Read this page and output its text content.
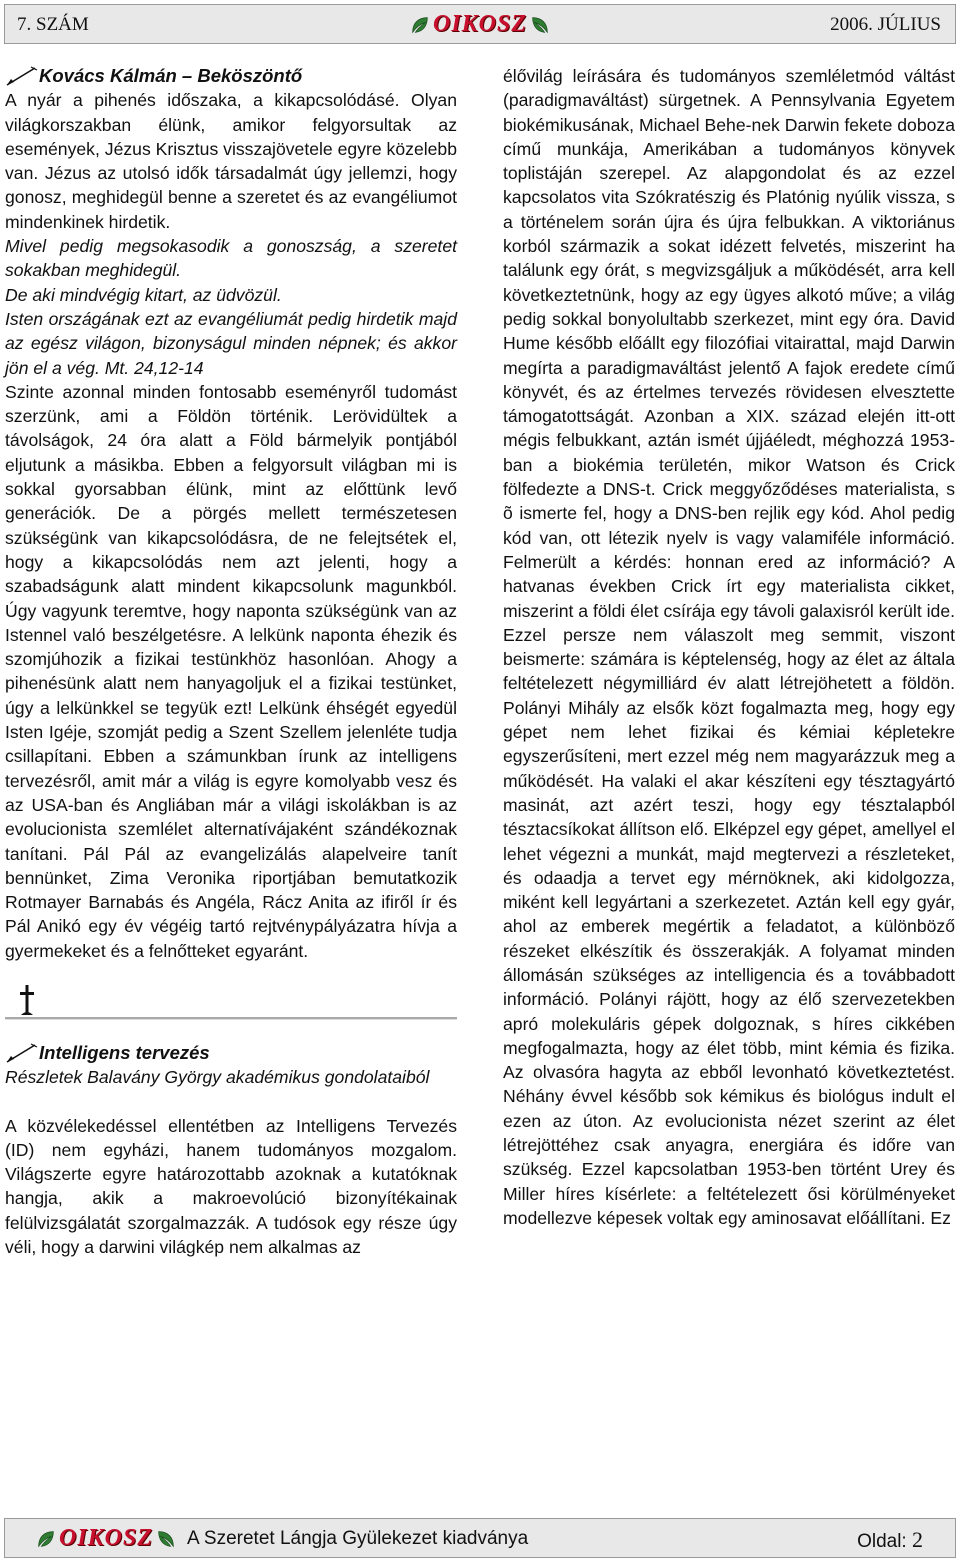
7. SZÁM	OIKOSZ	2006. JÚLIUS

Kovács Kálmán – Beköszöntő

A nyár a pihenés időszaka, a kikapcsolódásé. Olyan világkorszakban élünk, amikor felgyorsultak az események, Jézus Krisztus visszajövetele egyre közelebb van. Jézus az utolsó idők társadalmát úgy jellemzi, hogy gonosz, meghidegül benne a szeretet és az evangéliumot mindenkinek hirdetik.

Mivel pedig megsokasodik a gonoszság, a szeretet sokakban meghidegül.

De aki mindvégig kitart, az üdvözül.

Isten országának ezt az evangéliumát pedig hirdetik majd az egész világon, bizonyságul minden népnek; és akkor jön el a vég. Mt. 24,12-14

Szinte azonnal minden fontosabb eseményről tudomást szerzünk, ami a Földön történik. Lerövidültek a távolságok, 24 óra alatt a Föld bármelyik pontjából eljutunk a másikba. Ebben a felgyorsult világban mi is sokkal gyorsabban élünk, mint az előttünk levő generációk. De a pörgés mellett természetesen szükségünk van kikapcsolódásra, de ne felejtsétek el, hogy a kikapcsolódás nem azt jelenti, hogy a szabadságunk alatt mindent kikapcsolunk magunkból. Úgy vagyunk teremtve, hogy naponta szükségünk van az Istennel való beszélgetésre. A lelkünk naponta éhezik és szomjúhozik a fizikai testünkhöz hasonlóan. Ahogy a pihenésünk alatt nem hanyagoljuk el a fizikai testünket, úgy a lelkünkkel se tegyük ezt! Lelkünk éhségét egyedül Isten Igéje, szomját pedig a Szent Szellem jelenléte tudja csillapítani. Ebben a számunkban írunk az intelligens tervezésről, amit már a világ is egyre komolyabb vesz és az USA-ban és Angliában már a világi iskolákban is az evolucionista szemlélet alternatívájaként szándékoznak tanítani. Pál Pál az evangelizálás alapelveire tanít bennünket, Zima Veronika riportjában bemutatkozik Rotmayer Barnabás és Angéla, Rácz Anita az ifiről ír és Pál Anikó egy év végéig tartó rejtvénypályázatra hívja a gyermekeket és a felnőtteket egyaránt.

Intelligens tervezés

Részletek Balavány György akadémikus gondolataiból

A közvélekedéssel ellentétben az Intelligens Tervezés (ID) nem egyházi, hanem tudományos mozgalom. Világszerte egyre határozottabb azoknak a kutatóknak hangja, akik a makroevolúció bizonyítékainak felülvizsgálatát szorgalmazzák. A tudósok egy része úgy véli, hogy a darwini világkép nem alkalmas az

élővilág leírására és tudományos szemléletmód váltást (paradigmaváltást) sürgetnek. A Pennsylvania Egyetem biokémikusának, Michael Behe-nek Darwin fekete doboza című munkája, Amerikában a tudományos könyvek toplistáján szerepel. Az alapgondolat és az ezzel kapcsolatos vita Szókratészig és Platónig nyúlik vissza, s a történelem során újra és újra felbukkan. A viktoriánus korból származik a sokat idézett felvetés, miszerint ha találunk egy órát, s megvizsgáljuk a működését, arra kell következtetnünk, hogy az egy ügyes alkotó műve; a világ pedig sokkal bonyolultabb szerkezet, mint egy óra. David Hume később előállt egy filozófiai vitairattal, majd Darwin megírta a paradigmaváltást jelentő A fajok eredete című könyvét, és az értelmes tervezés rövidesen elvesztette támogatottságát. Azonban a XIX. század elején itt-ott mégis felbukkant, aztán ismét újjáéledt, méghozzá 1953-ban a biokémia területén, mikor Watson és Crick fölfedezte a DNS-t. Crick meggyőződéses materialista, s õ ismerte fel, hogy a DNS-ben rejlik egy kód. Ahol pedig kód van, ott létezik nyelv is vagy valamiféle információ. Felmerült a kérdés: honnan ered az információ? A hatvanas években Crick írt egy materialista cikket, miszerint a földi élet csírája egy távoli galaxisról került ide. Ezzel persze nem válaszolt meg semmit, viszont beismerte: számára is képtelenség, hogy az élet az általa feltételezett négymilliárd év alatt létrejöhetett a földön. Polányi Mihály az elsők közt fogalmazta meg, hogy egy gépet nem lehet fizikai és kémiai képletekre egyszerűsíteni, mert ezzel még nem magyarázzuk meg a működését. Ha valaki el akar készíteni egy tésztagyártó masinát, azt azért teszi, hogy egy tésztalapból tésztacsíkokat állítson elő. Elképzel egy gépet, amellyel el lehet végezni a munkát, majd megtervezi a részleteket, és odaadja a tervet egy mérnöknek, aki kidolgozza, miként kell legyártani a szerkezetet. Aztán kell egy gyár, ahol az emberek megértik a feladatot, a különböző részeket elkészítik és összerakják. A folyamat minden állomásán szükséges az intelligencia és a továbbadott információ. Polányi rájött, hogy az élő szervezetekben apró molekuláris gépek dolgoznak, s híres cikkében megfogalmazta, hogy az élet több, mint kémia és fizika. Az olvasóra hagyta az ebből levonható következtetést. Néhány évvel később sok kémikus és biológus indult el ezen az úton. Az evolucionista nézet szerint az élet létrejöttéhez csak anyagra, energiára és időre van szükség. Ezzel kapcsolatban 1953-ben történt Urey és Miller híres kísérlete: a feltételezett ősi körülményeket modellezve képesek voltak egy aminosavat előállítani. Ez

OIKOSZ A Szeretet Lángja Gyülekezet kiadványa	Oldal: 2
